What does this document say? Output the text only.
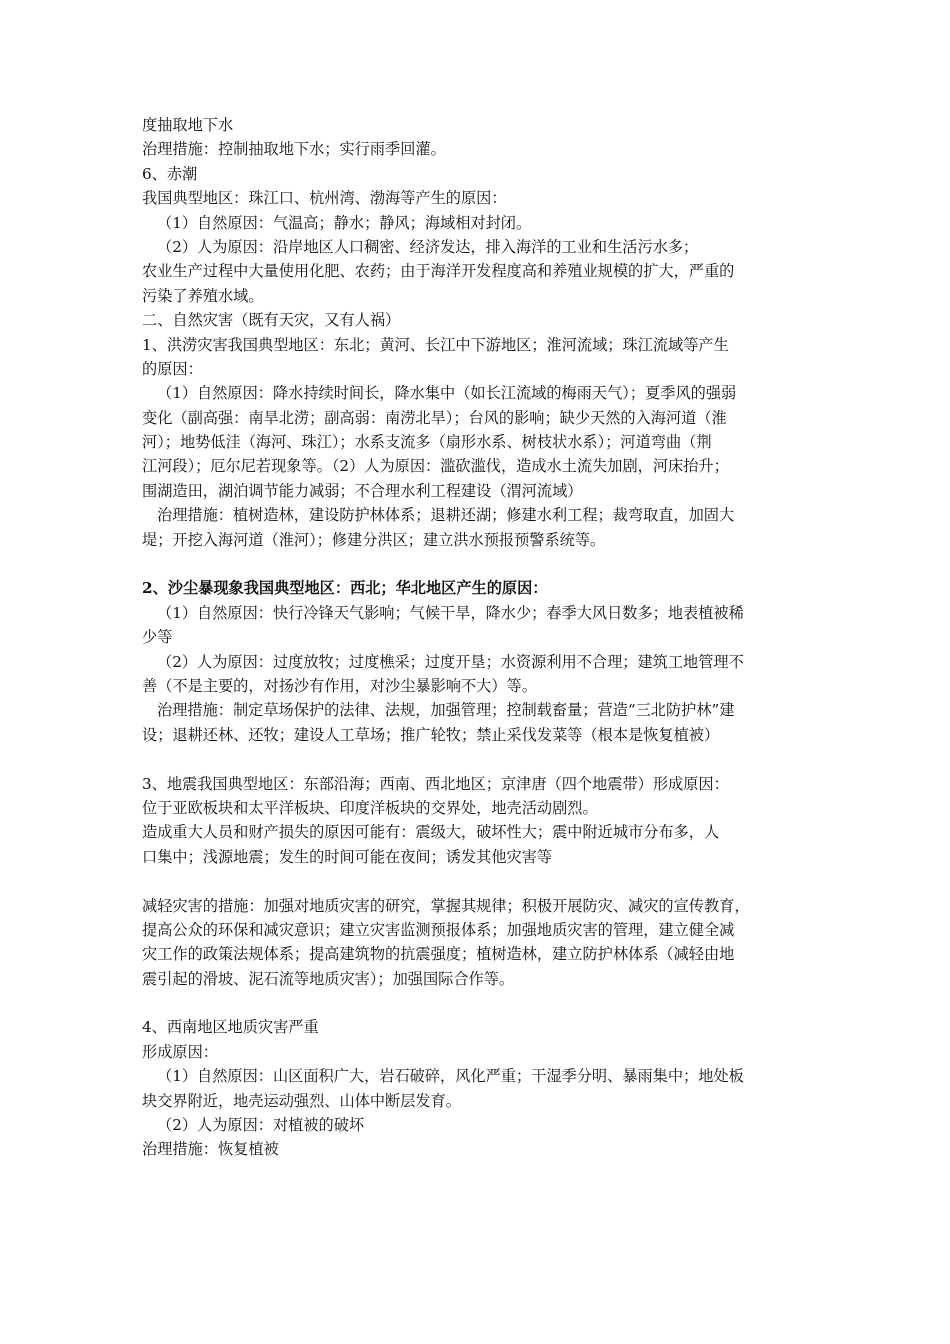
度抽取地下水
治理措施：控制抽取地下水；实行雨季回灌。
6、赤潮
我国典型地区：珠江口、杭州湾、渤海等产生的原因：
（1）自然原因：气温高；静水；静风；海域相对封闭。
（2）人为原因：沿岸地区人口稠密、经济发达，排入海洋的工业和生活污水多；
农业生产过程中大量使用化肥、农药；由于海洋开发程度高和养殖业规模的扩大，严重的
污染了养殖水域。
二、自然灾害（既有天灾，又有人祸）
1、洪涝灾害我国典型地区：东北；黄河、长江中下游地区；淮河流域；珠江流域等产生
的原因：
（1）自然原因：降水持续时间长，降水集中（如长江流域的梅雨天气）；夏季风的强弱
变化（副高强：南旱北涝；副高弱：南涝北旱）；台风的影响；缺少天然的入海河道（淮
河）；地势低洼（海河、珠江）；水系支流多（扇形水系、树枝状水系）；河道弯曲（荆
江河段）；厄尔尼若现象等。（2）人为原因：滥砍滥伐，造成水土流失加剧，河床抬升；
围湖造田，湖泊调节能力减弱；不合理水利工程建设（渭河流域）
治理措施：植树造林，建设防护林体系；退耕还湖；修建水利工程；裁弯取直，加固大
堤；开挖入海河道（淮河）；修建分洪区；建立洪水预报预警系统等。
2、沙尘暴现象我国典型地区：西北；华北地区产生的原因：
（1）自然原因：快行冷锋天气影响；气候干旱，降水少；春季大风日数多；地表植被稀
少等
（2）人为原因：过度放牧；过度樵采；过度开垦；水资源利用不合理；建筑工地管理不
善（不是主要的，对扬沙有作用，对沙尘暴影响不大）等。
治理措施：制定草场保护的法律、法规，加强管理；控制载畜量；营造“三北防护林”建
设；退耕还林、还牧；建设人工草场；推广轮牧；禁止采伐发菜等（根本是恢复植被）
3、地震我国典型地区：东部沿海；西南、西北地区；京津唐（四个地震带）形成原因：
位于亚欧板块和太平洋板块、印度洋板块的交界处，地壳活动剧烈。
造成重大人员和财产损失的原因可能有：震级大，破坏性大；震中附近城市分布多，人
口集中；浅源地震；发生的时间可能在夜间；诱发其他灾害等
减轻灾害的措施：加强对地质灾害的研究，掌握其规律；积极开展防灾、减灾的宣传教育，
提高公众的环保和减灾意识；建立灾害监测预报体系；加强地质灾害的管理，建立健全减
灾工作的政策法规体系；提高建筑物的抗震强度；植树造林，建立防护林体系（减轻由地
震引起的滑坡、泥石流等地质灾害）；加强国际合作等。
4、西南地区地质灾害严重
形成原因：
（1）自然原因：山区面积广大，岩石破碎，风化严重；干湿季分明、暴雨集中；地处板
块交界附近，地壳运动强烈、山体中断层发育。
（2）人为原因：对植被的破坏
治理措施：恢复植被
